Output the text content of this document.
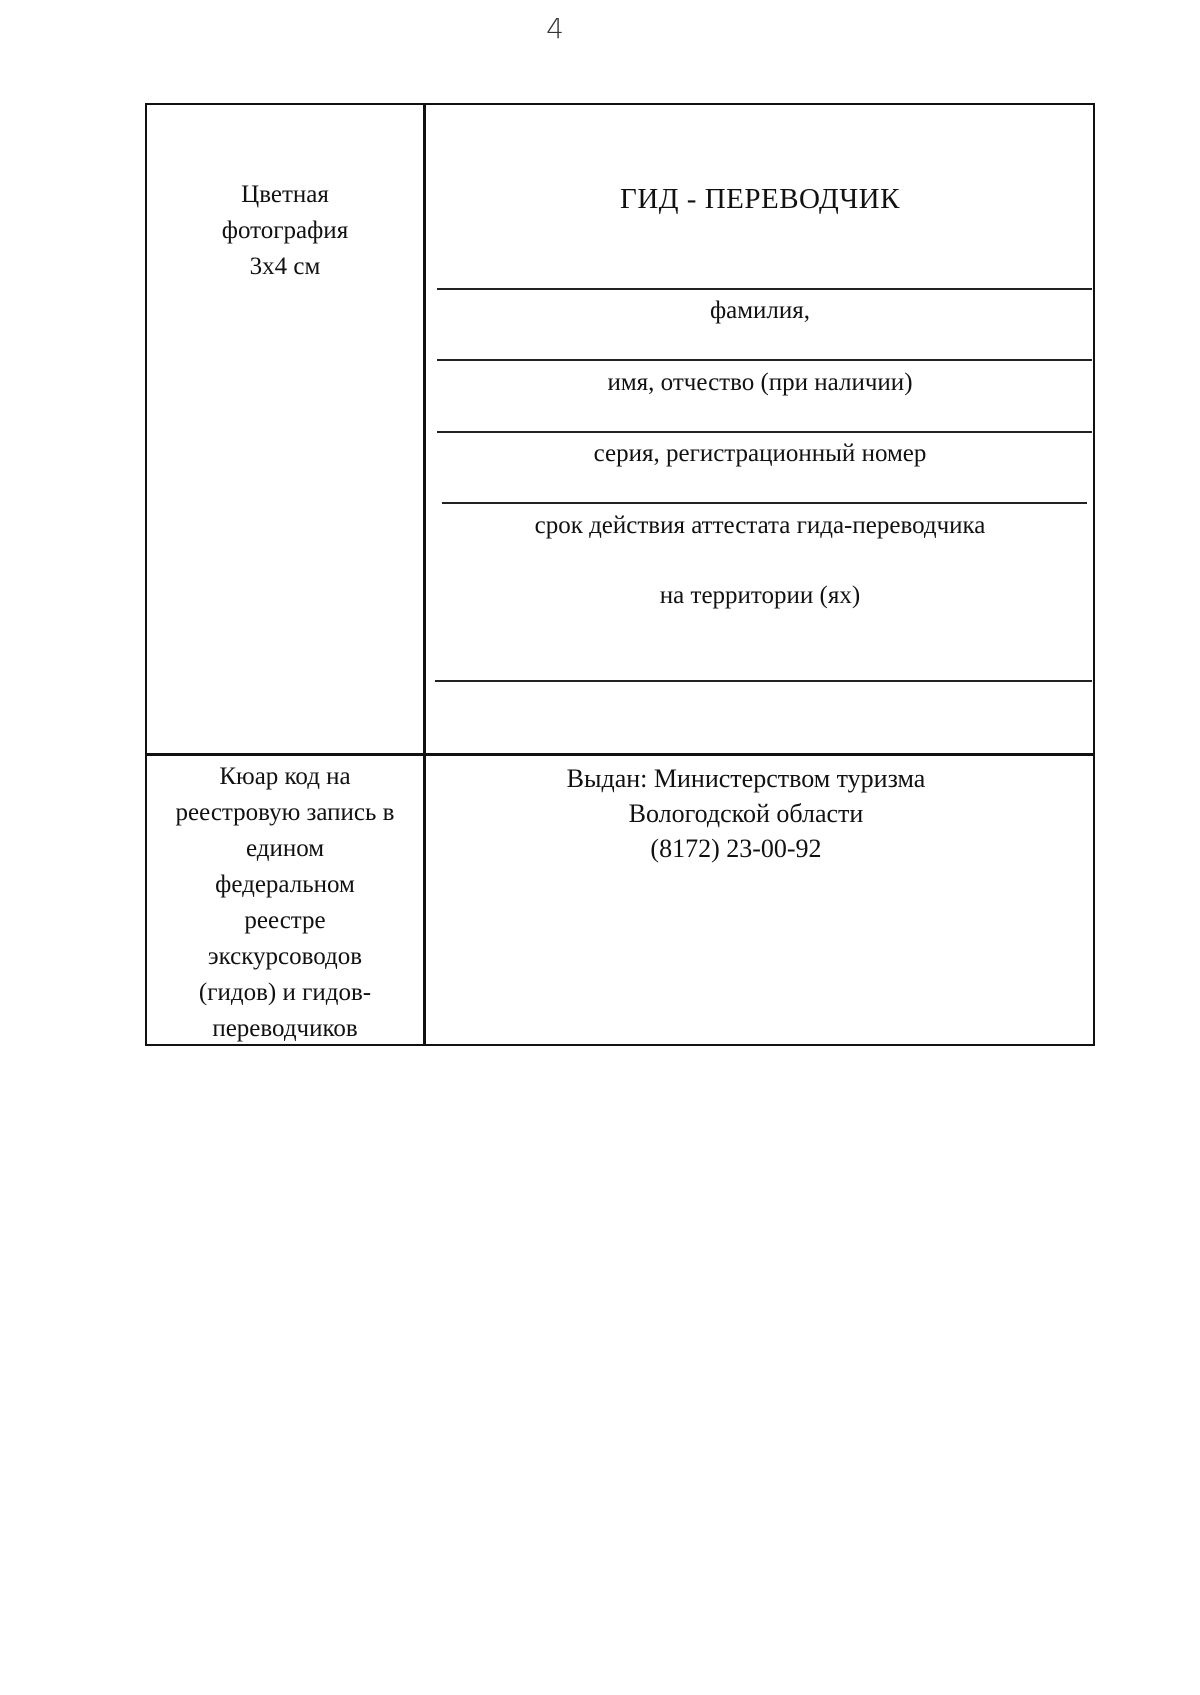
4
Цветная
фотография
3х4 см
ГИД - ПЕРЕВОДЧИК
фамилия,
имя, отчество (при наличии)
серия, регистрационный номер
срок действия аттестата гида-переводчика
на территории (ях)
Кюар код на
реестровую запись в
едином
федеральном
реестре
экскурсоводов
(гидов) и гидов-
переводчиков
Выдан: Министерством туризма
Вологодской области
(8172) 23-00-92
